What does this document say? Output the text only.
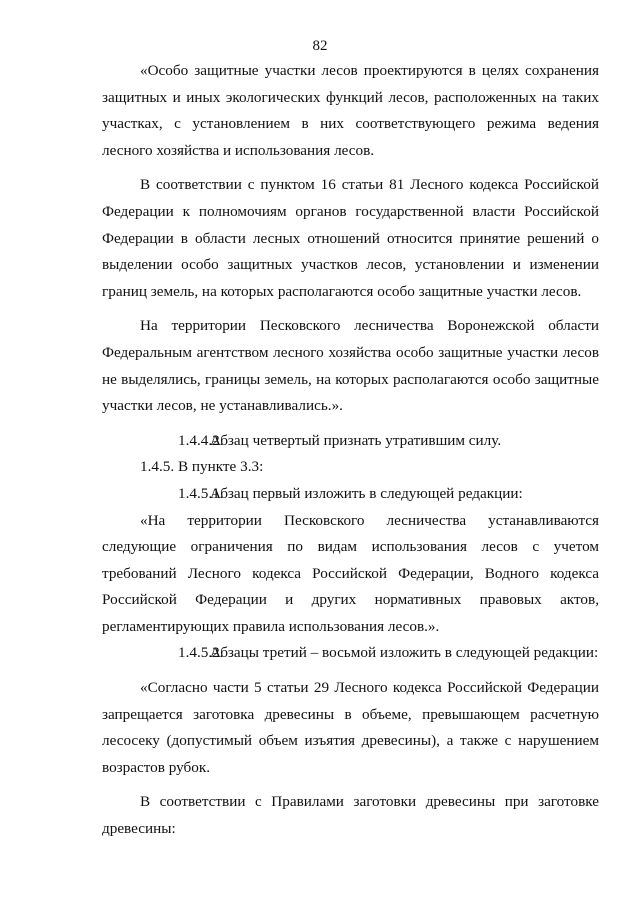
82

«Особо защитные участки лесов проектируются в целях сохранения защитных и иных экологических функций лесов, расположенных на таких участках, с установлением в них соответствующего режима ведения лесного хозяйства и использования лесов.

В соответствии с пунктом 16 статьи 81 Лесного кодекса Российской Федерации к полномочиям органов государственной власти Российской Федерации в области лесных отношений относится принятие решений о выделении особо защитных участков лесов, установлении и изменении границ земель, на которых располагаются особо защитные участки лесов.

На территории Песковского лесничества Воронежской области Федеральным агентством лесного хозяйства особо защитные участки лесов не выделялись, границы земель, на которых располагаются особо защитные участки лесов, не устанавливались.».

1.4.4.2.Абзац четвертый признать утратившим силу.

1.4.5. В пункте 3.3:

1.4.5.1.Абзац первый изложить в следующей редакции:

«На территории Песковского лесничества устанавливаются следующие ограничения по видам использования лесов с учетом требований Лесного кодекса Российской Федерации, Водного кодекса Российской Федерации и других нормативных правовых актов, регламентирующих правила использования лесов.».

1.4.5.2.Абзацы третий – восьмой изложить в следующей редакции:

«Согласно части 5 статьи 29 Лесного кодекса Российской Федерации запрещается заготовка древесины в объеме, превышающем расчетную лесосеку (допустимый объем изъятия древесины), а также с нарушением возрастов рубок.

В соответствии с Правилами заготовки древесины при заготовке древесины:
